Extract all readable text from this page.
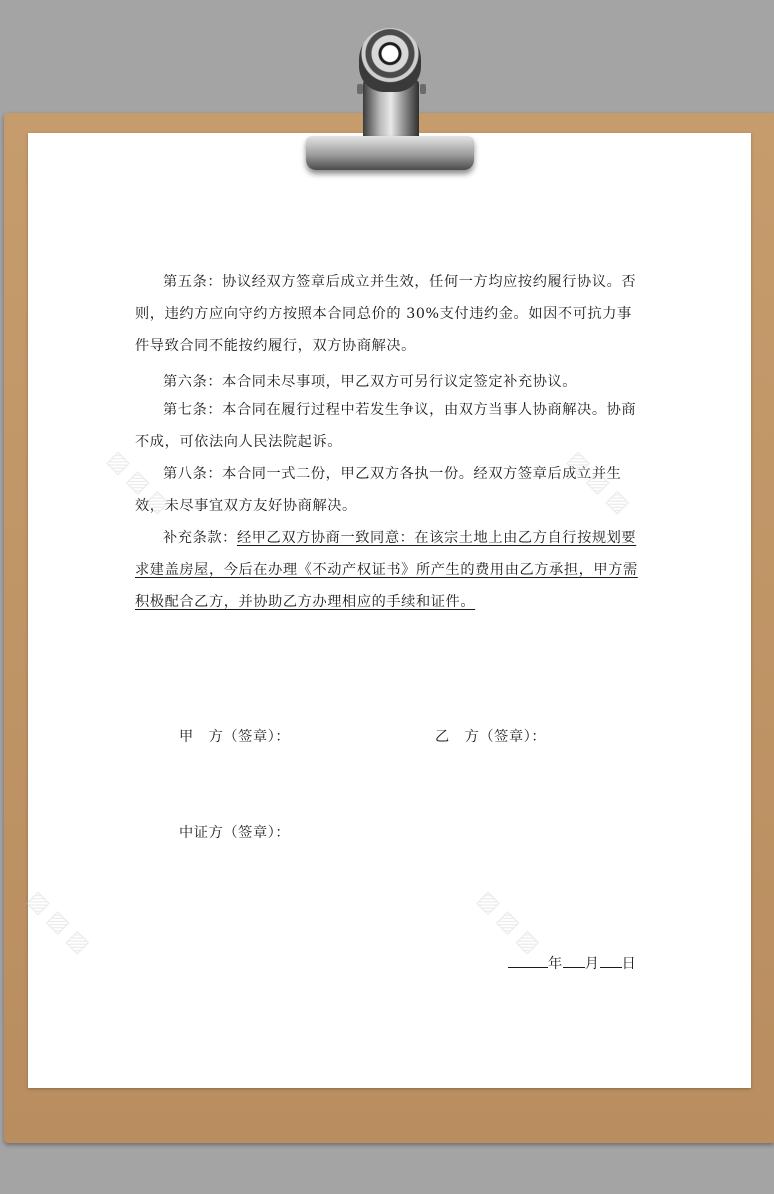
第五条：协议经双方签章后成立并生效，任何一方均应按约履行协议。否则，违约方应向守约方按照本合同总价的 30%支付违约金。如因不可抗力事件导致合同不能按约履行，双方协商解决。

第六条：本合同未尽事项，甲乙双方可另行议定签定补充协议。

第七条：本合同在履行过程中若发生争议，由双方当事人协商解决。协商不成，可依法向人民法院起诉。

第八条：本合同一式二份，甲乙双方各执一份。经双方签章后成立并生效，未尽事宜双方友好协商解决。

补充条款：经甲乙双方协商一致同意：在该宗土地上由乙方自行按规划要求建盖房屋，今后在办理《不动产权证书》所产生的费用由乙方承担，甲方需积极配合乙方，并协助乙方办理相应的手续和证件。

甲　方（签章）：	乙　方（签章）：
中证方（签章）：
年 月 日
▨ ▨ ▨	▨ ▨ ▨
▨ ▨ ▨	▨ ▨ ▨
